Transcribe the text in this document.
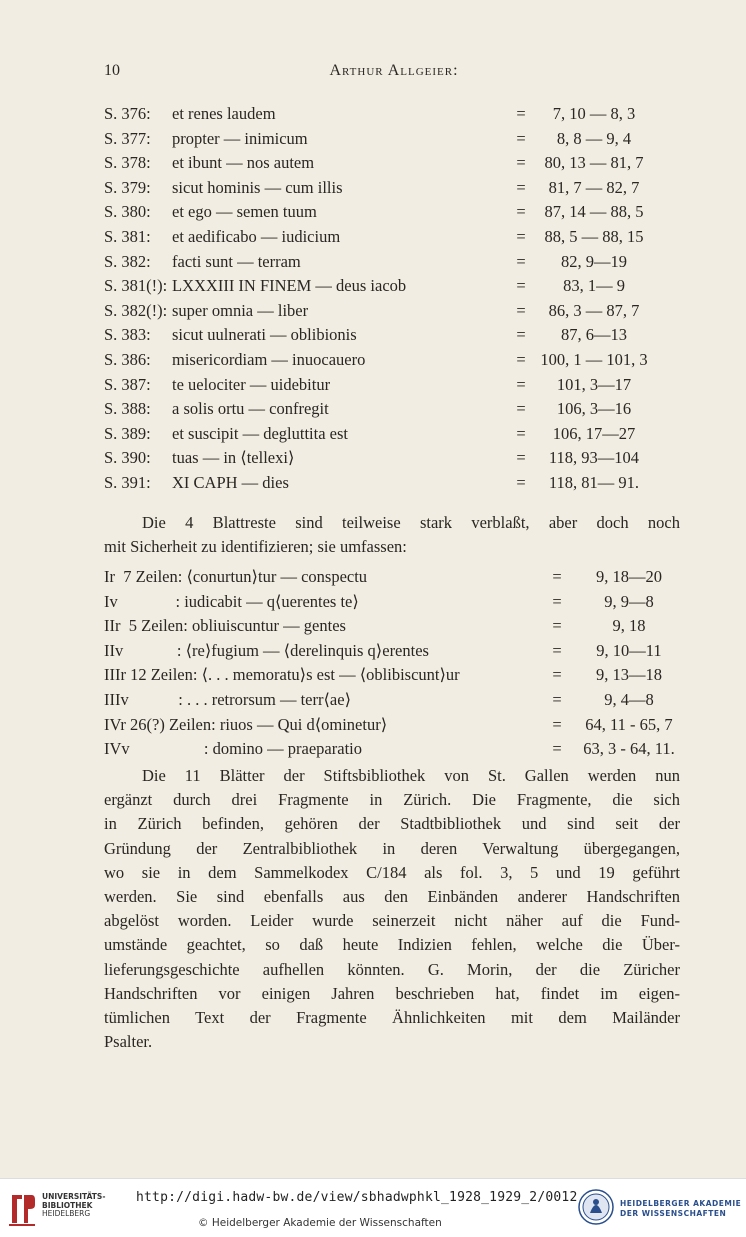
10	Arthur Allgeier:
S. 376: et renes laudem	=	7, 10 — 8, 3
S. 377: propter — inimicum	=	8, 8 — 9, 4
S. 378: et ibunt — nos autem	=	80, 13 — 81, 7
S. 379: sicut hominis — cum illis	=	81, 7 — 82, 7
S. 380: et ego — semen tuum	=	87, 14 — 88, 5
S. 381: et aedificabo — iudicium	=	88, 5 — 88, 15
S. 382: facti sunt — terram	=	82, 9—19
S. 381(!): LXXXIII IN FINEM — deus iacob	=	83, 1— 9
S. 382(!): super omnia — liber	=	86, 3 — 87, 7
S. 383: sicut uulnerati — oblibionis	=	87, 6—13
S. 386: misericordiam — inuocauero	= 100, 1 — 101, 3
S. 387: te uelociter — uidebitur	=	101, 3—17
S. 388: a solis ortu — confregit	=	106, 3—16
S. 389: et suscipit — degluttita est	=	106, 17—27
S. 390: tuas — in ⟨tellexi⟩	=	118, 93—104
S. 391: XI CAPH — dies	=	118, 81— 91.

Die 4 Blattreste sind teilweise stark verblaßt, aber doch noch
mit Sicherheit zu identifizieren; sie umfassen:

Ir  7 Zeilen: ⟨conurtun⟩tur — conspectu	=	9, 18—20
Iv              : iudicabit — q⟨uerentes te⟩	=	9, 9—8
IIr  5 Zeilen: obliuiscuntur — gentes	=	9, 18
IIv             : ⟨re⟩fugium — ⟨derelinquis q⟩erentes	=	9, 10—11
IIIr 12 Zeilen: ⟨. . . memoratu⟩s est — ⟨oblibiscunt⟩ur	=	9, 13—18
IIIv            : . . . retrorsum — terr⟨ae⟩	=	9, 4—8
IVr 26(?) Zeilen: riuos — Qui d⟨ominetur⟩	=	64, 11 - 65, 7
IVv                  : domino — praeparatio	=	63, 3 - 64, 11.

Die 11 Blätter der Stiftsbibliothek von St. Gallen werden nun
ergänzt durch drei Fragmente in Zürich. Die Fragmente, die sich
in Zürich befinden, gehören der Stadtbibliothek und sind seit der
Gründung der Zentralbibliothek in deren Verwaltung übergegangen,
wo sie in dem Sammelkodex C/184 als fol. 3, 5 und 19 geführt
werden. Sie sind ebenfalls aus den Einbänden anderer Handschriften
abgelöst worden. Leider wurde seinerzeit nicht näher auf die Fund-
umstände geachtet, so daß heute Indizien fehlen, welche die Über-
lieferungsgeschichte aufhellen könnten. G. Morin, der die Züricher
Handschriften vor einigen Jahren beschrieben hat, findet im eigen-
tümlichen Text der Fragmente Ähnlichkeiten mit dem Mailänder
Psalter.

UNIVERSITÄTS-
BIBLIOTHEK
HEIDELBERG
http://digi.hadw-bw.de/view/sbhadwphkl_1928_1929_2/0012
© Heidelberger Akademie der Wissenschaften
HEIDELBERGER AKADEMIE
DER WISSENSCHAFTEN
